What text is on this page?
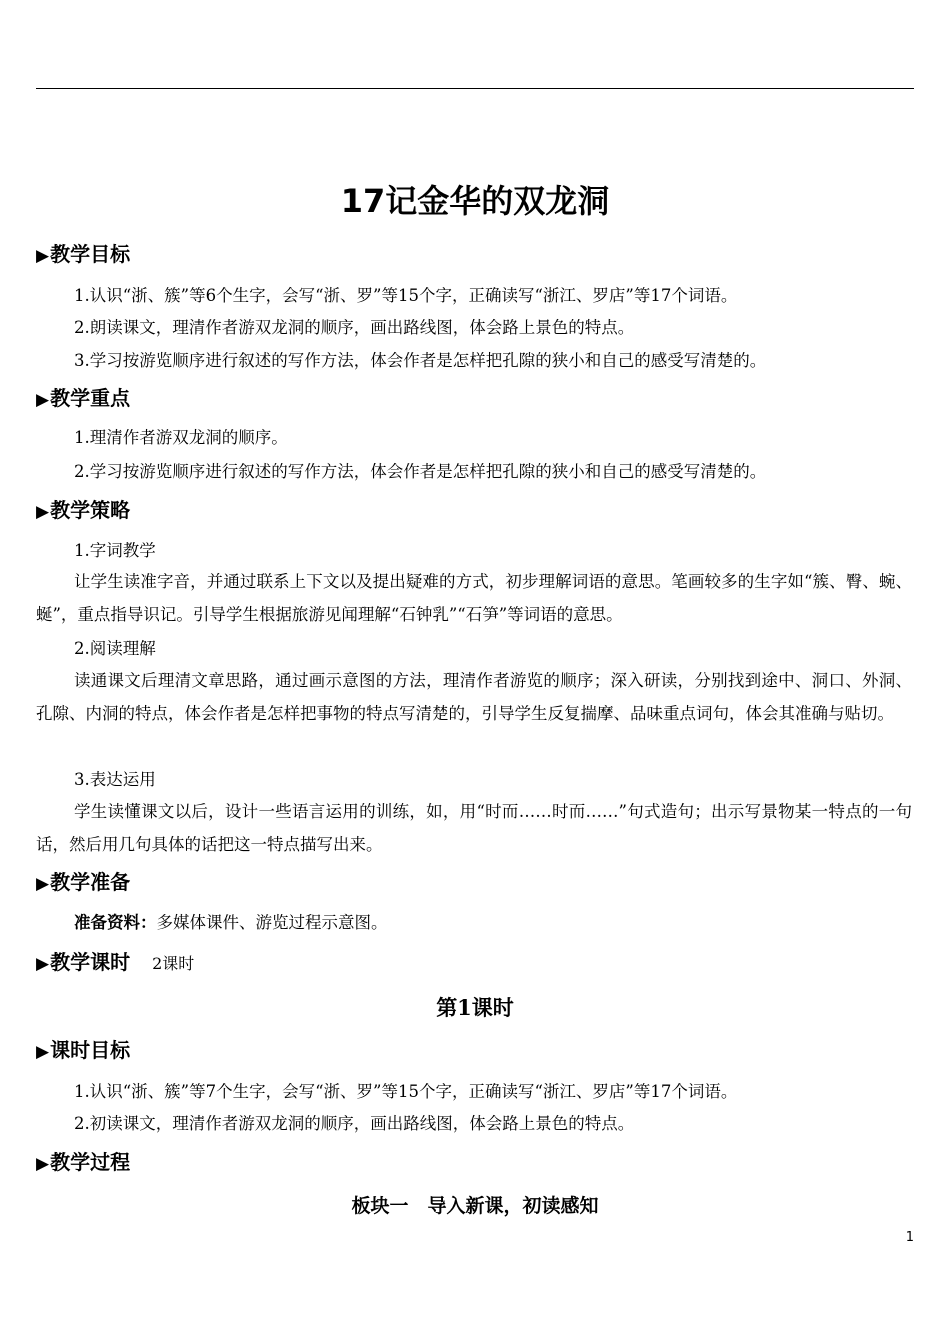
17记金华的双龙洞
▶教学目标
1.认识“浙、簇”等6个生字，会写“浙、罗”等15个字，正确读写“浙江、罗店”等17个词语。
2.朗读课文，理清作者游双龙洞的顺序，画出路线图，体会路上景色的特点。
3.学习按游览顺序进行叙述的写作方法，体会作者是怎样把孔隙的狭小和自己的感受写清楚的。
▶教学重点
1.理清作者游双龙洞的顺序。
2.学习按游览顺序进行叙述的写作方法，体会作者是怎样把孔隙的狭小和自己的感受写清楚的。
▶教学策略
1.字词教学
让学生读准字音，并通过联系上下文以及提出疑难的方式，初步理解词语的意思。笔画较多的生字如“簇、臀、蜿、蜒”，重点指导识记。引导学生根据旅游见闻理解“石钟乳”“石笋”等词语的意思。
2.阅读理解
读通课文后理清文章思路，通过画示意图的方法，理清作者游览的顺序；深入研读，分别找到途中、洞口、外洞、孔隙、内洞的特点，体会作者是怎样把事物的特点写清楚的，引导学生反复揣摩、品味重点词句，体会其准确与贴切。
3.表达运用
学生读懂课文以后，设计一些语言运用的训练，如，用“时而……时而……”句式造句；出示写景物某一特点的一句话，然后用几句具体的话把这一特点描写出来。
▶教学准备
准备资料：多媒体课件、游览过程示意图。
▶教学课时 2课时
第1课时
▶课时目标
1.认识“浙、簇”等7个生字，会写“浙、罗”等15个字，正确读写“浙江、罗店”等17个词语。
2.初读课文，理清作者游双龙洞的顺序，画出路线图，体会路上景色的特点。
▶教学过程
板块一　导入新课，初读感知
1
